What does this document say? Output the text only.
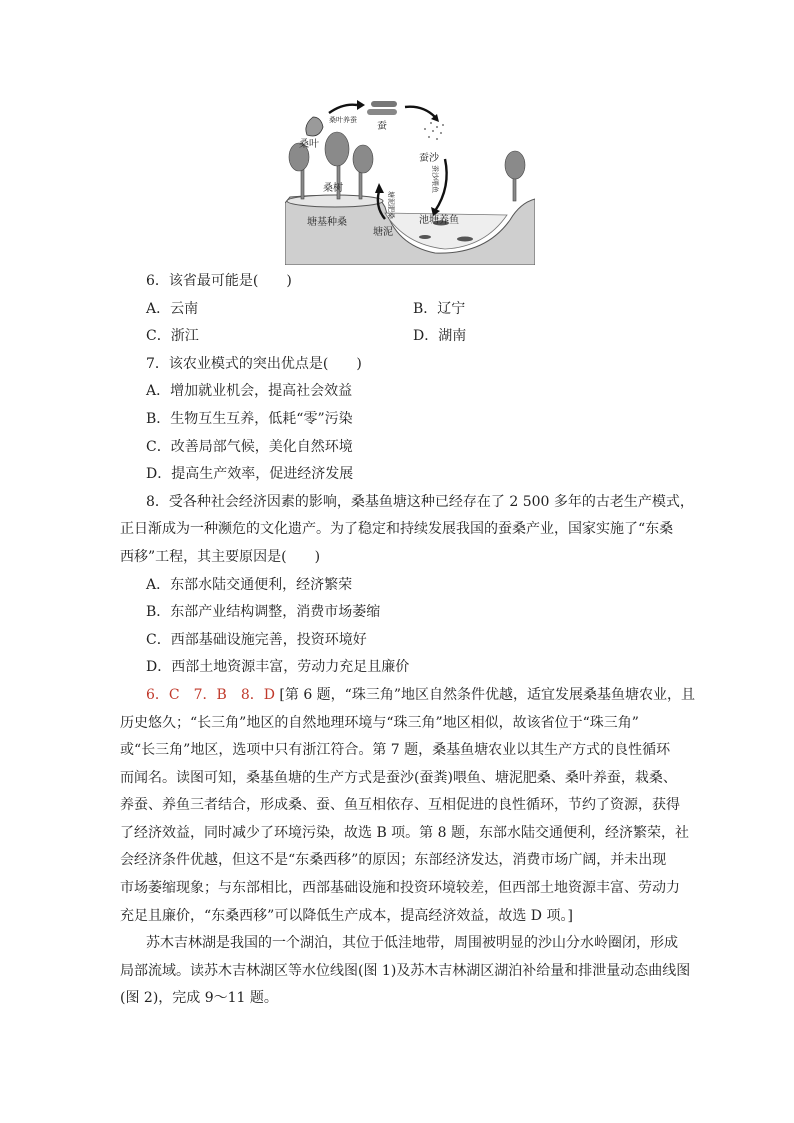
桑叶
桑叶养蚕
蚕
蚕沙
蚕沙喂鱼
桑树
塘基种桑
塘泥肥桑
池塘养鱼
塘泥
6．该省最可能是(　　)
A．云南	B．辽宁
C．浙江	D．湖南
7．该农业模式的突出优点是(　　)
A．增加就业机会，提高社会效益
B．生物互生互养，低耗“零”污染
C．改善局部气候，美化自然环境
D．提高生产效率，促进经济发展
8．受各种社会经济因素的影响，桑基鱼塘这种已经存在了 2 500 多年的古老生产模式，
正日渐成为一种濒危的文化遗产。为了稳定和持续发展我国的蚕桑产业，国家实施了“东桑
西移”工程，其主要原因是(　　)
A．东部水陆交通便利，经济繁荣
B．东部产业结构调整，消费市场萎缩
C．西部基础设施完善，投资环境好
D．西部土地资源丰富，劳动力充足且廉价
6．C　7．B　8．D [第 6 题，“珠三角”地区自然条件优越，适宜发展桑基鱼塘农业，且
历史悠久；“长三角”地区的自然地理环境与“珠三角”地区相似，故该省位于“珠三角”
或“长三角”地区，选项中只有浙江符合。第 7 题，桑基鱼塘农业以其生产方式的良性循环
而闻名。读图可知，桑基鱼塘的生产方式是蚕沙(蚕粪)喂鱼、塘泥肥桑、桑叶养蚕，栽桑、
养蚕、养鱼三者结合，形成桑、蚕、鱼互相依存、互相促进的良性循环，节约了资源，获得
了经济效益，同时减少了环境污染，故选 B 项。第 8 题，东部水陆交通便利，经济繁荣，社
会经济条件优越，但这不是“东桑西移”的原因；东部经济发达，消费市场广阔，并未出现
市场萎缩现象；与东部相比，西部基础设施和投资环境较差，但西部土地资源丰富、劳动力
充足且廉价，“东桑西移”可以降低生产成本，提高经济效益，故选 D 项。]
苏木吉林湖是我国的一个湖泊，其位于低洼地带，周围被明显的沙山分水岭圈闭，形成
局部流域。读苏木吉林湖区等水位线图(图 1)及苏木吉林湖区湖泊补给量和排泄量动态曲线图
(图 2)，完成 9～11 题。
